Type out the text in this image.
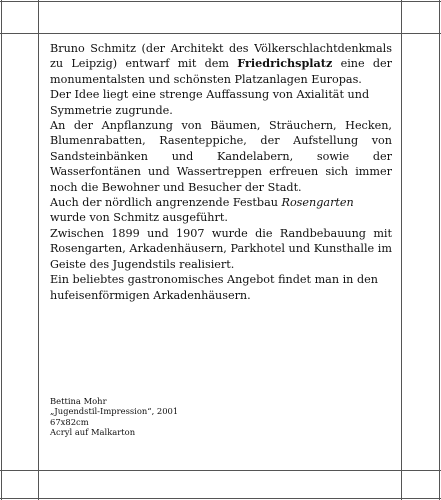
Bruno Schmitz (der Architekt des Völkerschlachtdenkmals zu Leipzig) entwarf mit dem Friedrichsplatz eine der monumentalsten und schönsten Platzanlagen Europas.

Der Idee liegt eine strenge Auffassung von Axialität und Symmetrie zugrunde.

An der Anpflanzung von Bäumen, Sträuchern, Hecken, Blumenrabatten, Rasenteppiche, der Aufstellung von Sandsteinbänken und Kandelabern, sowie der Wasserfontänen und Wassertreppen erfreuen sich immer noch die Bewohner und Besucher der Stadt.

Auch der nördlich angrenzende Festbau Rosengarten wurde von Schmitz ausgeführt.

Zwischen 1899 und 1907 wurde die Randbebauung mit Rosengarten, Arkadenhäusern, Parkhotel und Kunsthalle im Geiste des Jugendstils realisiert.

Ein beliebtes gastronomisches Angebot findet man in den hufeisenförmigen Arkadenhäusern.

Bettina Mohr
„Jugendstil-Impression“, 2001
67x82cm
Acryl auf Malkarton
